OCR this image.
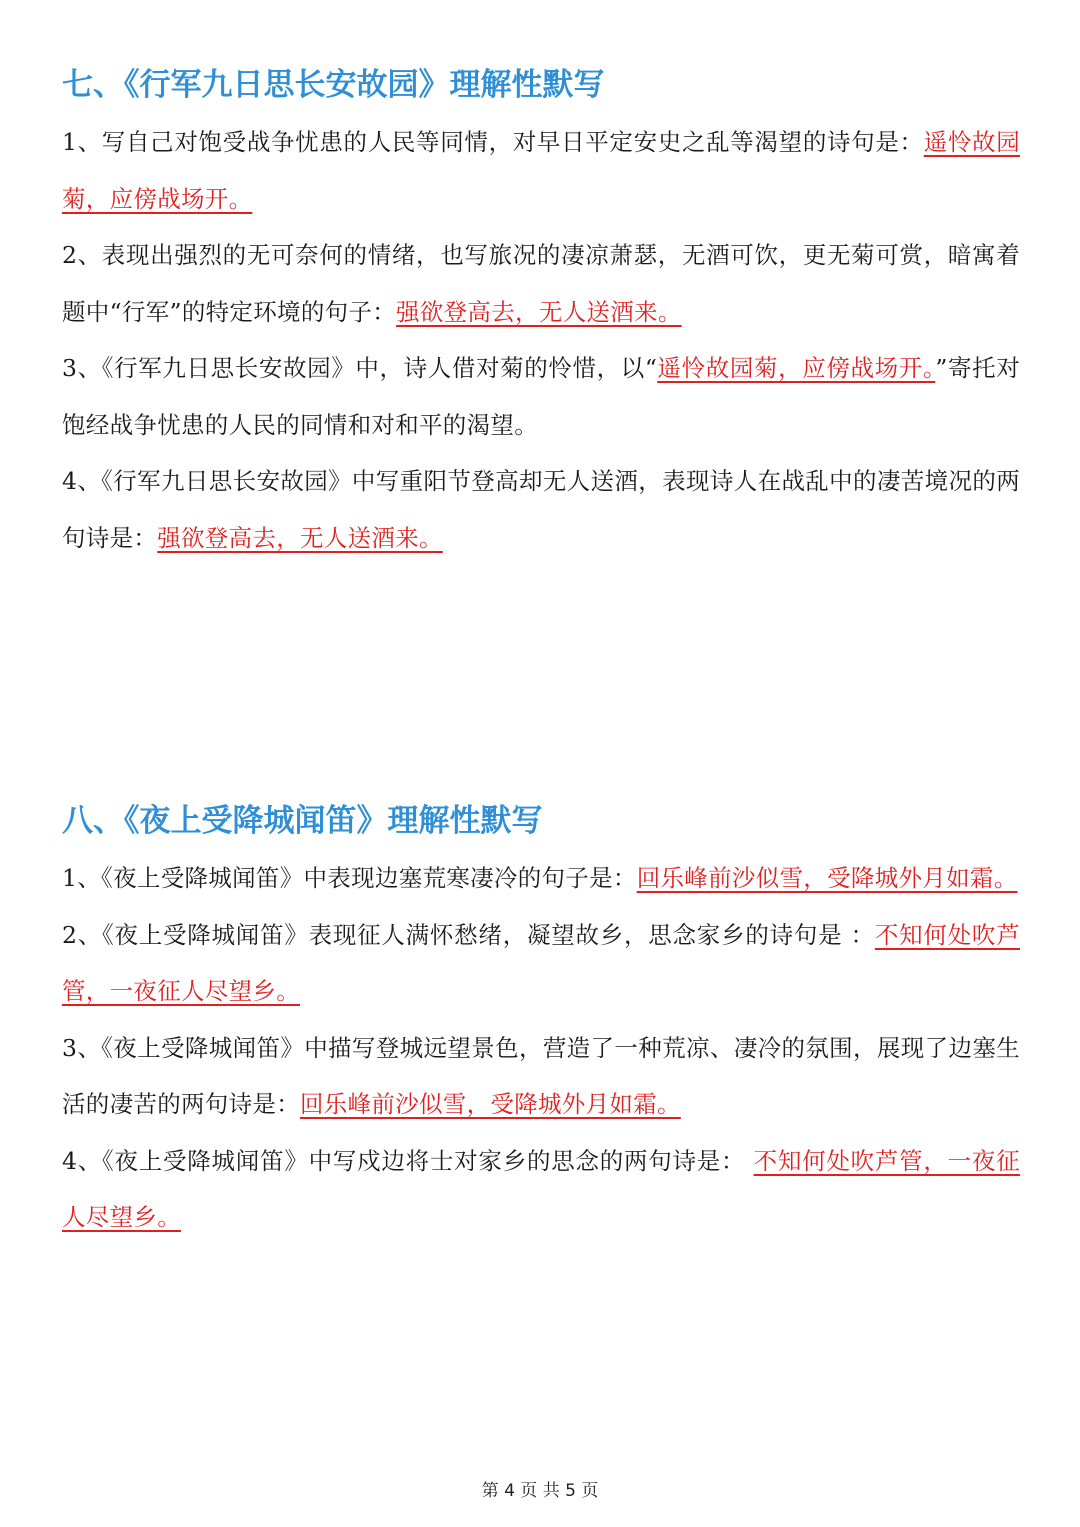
七、《行军九日思长安故园》理解性默写

1、写自己对饱受战争忧患的人民等同情，对早日平定安史之乱等渴望的诗句是：遥怜故园菊，应傍战场开。

2、表现出强烈的无可奈何的情绪，也写旅况的凄凉萧瑟，无酒可饮，更无菊可赏，暗寓着题中“行军”的特定环境的句子：强欲登高去，无人送酒来。

3、《行军九日思长安故园》中，诗人借对菊的怜惜，以“遥怜故园菊，应傍战场开。”寄托对饱经战争忧患的人民的同情和对和平的渴望。

4、《行军九日思长安故园》中写重阳节登高却无人送酒，表现诗人在战乱中的凄苦境况的两句诗是：强欲登高去，无人送酒来。

八、《夜上受降城闻笛》理解性默写

1、《夜上受降城闻笛》中表现边塞荒寒凄冷的句子是：回乐峰前沙似雪，受降城外月如霜。

2、《夜上受降城闻笛》表现征人满怀愁绪，凝望故乡，思念家乡的诗句是 ：不知何处吹芦管，一夜征人尽望乡。

3、《夜上受降城闻笛》中描写登城远望景色，营造了一种荒凉、凄冷的氛围，展现了边塞生活的凄苦的两句诗是：回乐峰前沙似雪，受降城外月如霜。

4、《夜上受降城闻笛》中写戍边将士对家乡的思念的两句诗是： 不知何处吹芦管，一夜征人尽望乡。

第 4 页 共 5 页
